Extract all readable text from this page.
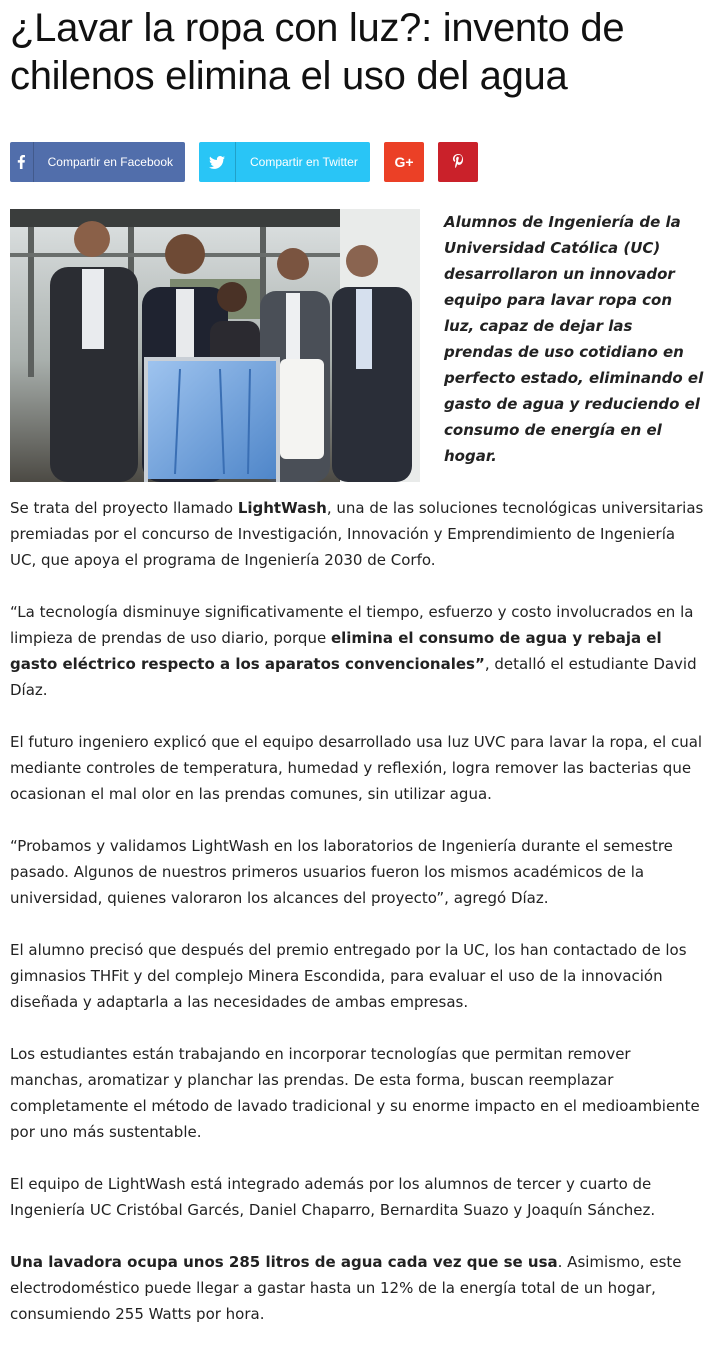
¿Lavar la ropa con luz?: invento de chilenos elimina el uso del agua
Compartir en Facebook	Compartir en Twitter	G+

Alumnos de Ingeniería de la Universidad Católica (UC) desarrollaron un innovador equipo para lavar ropa con luz, capaz de dejar las prendas de uso cotidiano en perfecto estado, eliminando el gasto de agua y reduciendo el consumo de energía en el hogar.

Se trata del proyecto llamado LightWash, una de las soluciones tecnológicas universitarias premiadas por el concurso de Investigación, Innovación y Emprendimiento de Ingeniería UC, que apoya el programa de Ingeniería 2030 de Corfo.

“La tecnología disminuye significativamente el tiempo, esfuerzo y costo involucrados en la limpieza de prendas de uso diario, porque elimina el consumo de agua y rebaja el gasto eléctrico respecto a los aparatos convencionales”, detalló el estudiante David Díaz.

El futuro ingeniero explicó que el equipo desarrollado usa luz UVC para lavar la ropa, el cual mediante controles de temperatura, humedad y reflexión, logra remover las bacterias que ocasionan el mal olor en las prendas comunes, sin utilizar agua.

“Probamos y validamos LightWash en los laboratorios de Ingeniería durante el semestre pasado. Algunos de nuestros primeros usuarios fueron los mismos académicos de la universidad, quienes valoraron los alcances del proyecto”, agregó Díaz.

El alumno precisó que después del premio entregado por la UC, los han contactado de los gimnasios THFit y del complejo Minera Escondida, para evaluar el uso de la innovación diseñada y adaptarla a las necesidades de ambas empresas.

Los estudiantes están trabajando en incorporar tecnologías que permitan remover manchas, aromatizar y planchar las prendas. De esta forma, buscan reemplazar completamente el método de lavado tradicional y su enorme impacto en el medioambiente por uno más sustentable.

El equipo de LightWash está integrado además por los alumnos de tercer y cuarto de Ingeniería UC Cristóbal Garcés, Daniel Chaparro, Bernardita Suazo y Joaquín Sánchez.

Una lavadora ocupa unos 285 litros de agua cada vez que se usa. Asimismo, este electrodoméstico puede llegar a gastar hasta un 12% de la energía total de un hogar, consumiendo 255 Watts por hora.
